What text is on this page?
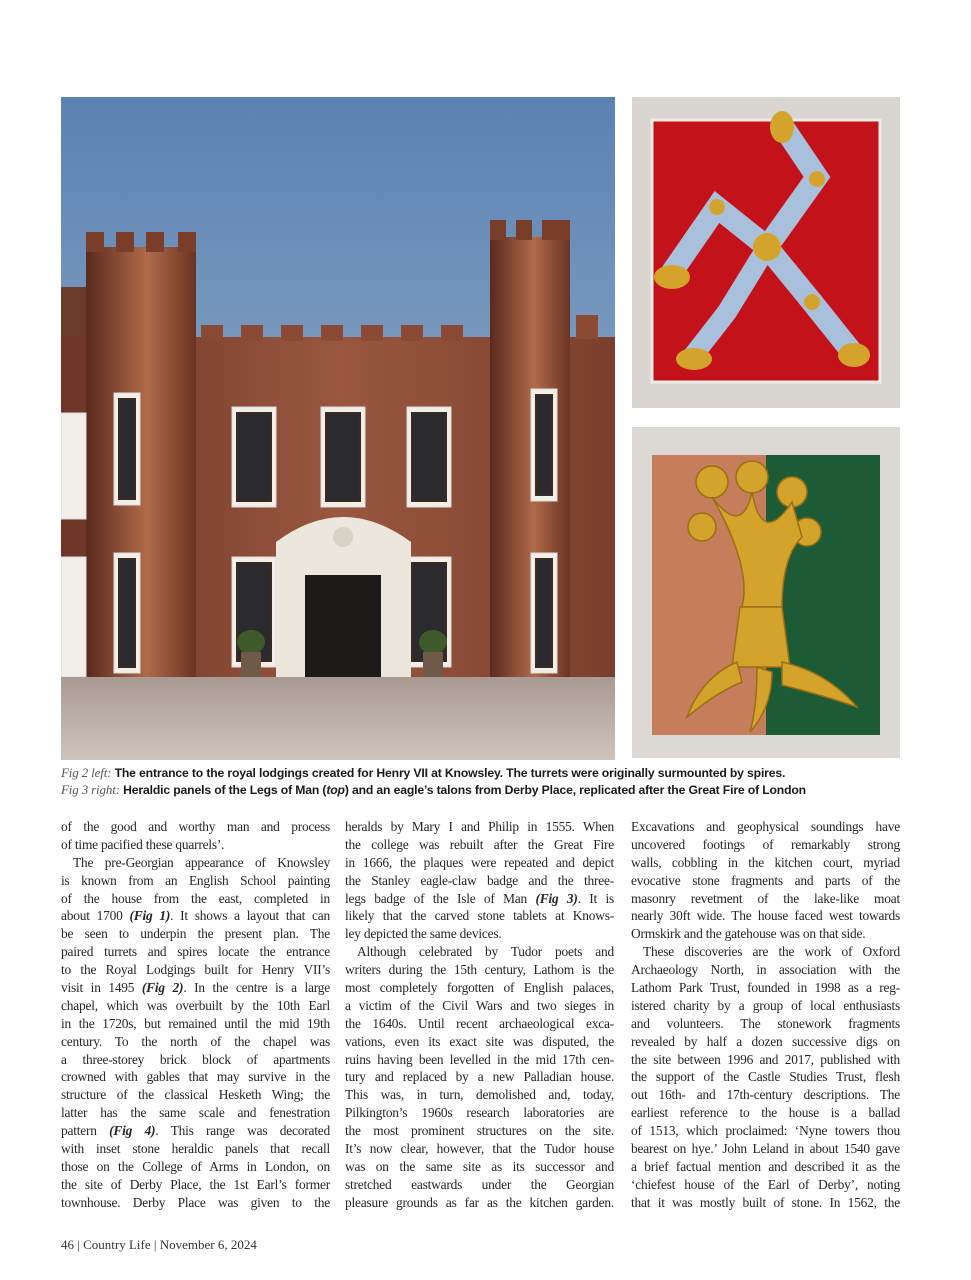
Fig 2 left: The entrance to the royal lodgings created for Henry VII at Knowsley. The turrets were originally surmounted by spires.
Fig 3 right: Heraldic panels of the Legs of Man (top) and an eagle’s talons from Derby Place, replicated after the Great Fire of London
of the good and worthy man and process
of time pacified these quarrels’.
The pre-Georgian appearance of Knowsley
is known from an English School painting
of the house from the east, completed in
about 1700 (Fig 1). It shows a layout that can
be seen to underpin the present plan. The
paired turrets and spires locate the entrance
to the Royal Lodgings built for Henry VII’s
visit in 1495 (Fig 2). In the centre is a large
chapel, which was overbuilt by the 10th Earl
in the 1720s, but remained until the mid 19th
century. To the north of the chapel was
a three-storey brick block of apartments
crowned with gables that may survive in the
structure of the classical Hesketh Wing; the
latter has the same scale and fenestration
pattern (Fig 4). This range was decorated
with inset stone heraldic panels that recall
those on the College of Arms in London, on
the site of Derby Place, the 1st Earl’s former
townhouse. Derby Place was given to the
heralds by Mary I and Philip in 1555. When
the college was rebuilt after the Great Fire
in 1666, the plaques were repeated and depict
the Stanley eagle-claw badge and the three-
legs badge of the Isle of Man (Fig 3). It is
likely that the carved stone tablets at Knows-
ley depicted the same devices.
Although celebrated by Tudor poets and
writers during the 15th century, Lathom is the
most completely forgotten of English palaces,
a victim of the Civil Wars and two sieges in
the 1640s. Until recent archaeological exca-
vations, even its exact site was disputed, the
ruins having been levelled in the mid 17th cen-
tury and replaced by a new Palladian house.
This was, in turn, demolished and, today,
Pilkington’s 1960s research laboratories are
the most prominent structures on the site.
It’s now clear, however, that the Tudor house
was on the same site as its successor and
stretched eastwards under the Georgian
pleasure grounds as far as the kitchen garden.
Excavations and geophysical soundings have
uncovered footings of remarkably strong
walls, cobbling in the kitchen court, myriad
evocative stone fragments and parts of the
masonry revetment of the lake-like moat
nearly 30ft wide. The house faced west towards
Ormskirk and the gatehouse was on that side.
These discoveries are the work of Oxford
Archaeology North, in association with the
Lathom Park Trust, founded in 1998 as a reg-
istered charity by a group of local enthusiasts
and volunteers. The stonework fragments
revealed by half a dozen successive digs on
the site between 1996 and 2017, published with
the support of the Castle Studies Trust, flesh
out 16th- and 17th-century descriptions. The
earliest reference to the house is a ballad
of 1513, which proclaimed: ‘Nyne towers thou
bearest on hye.’ John Leland in about 1540 gave
a brief factual mention and described it as the
‘chiefest house of the Earl of Derby’, noting
that it was mostly built of stone. In 1562, the
46 | Country Life | November 6, 2024
